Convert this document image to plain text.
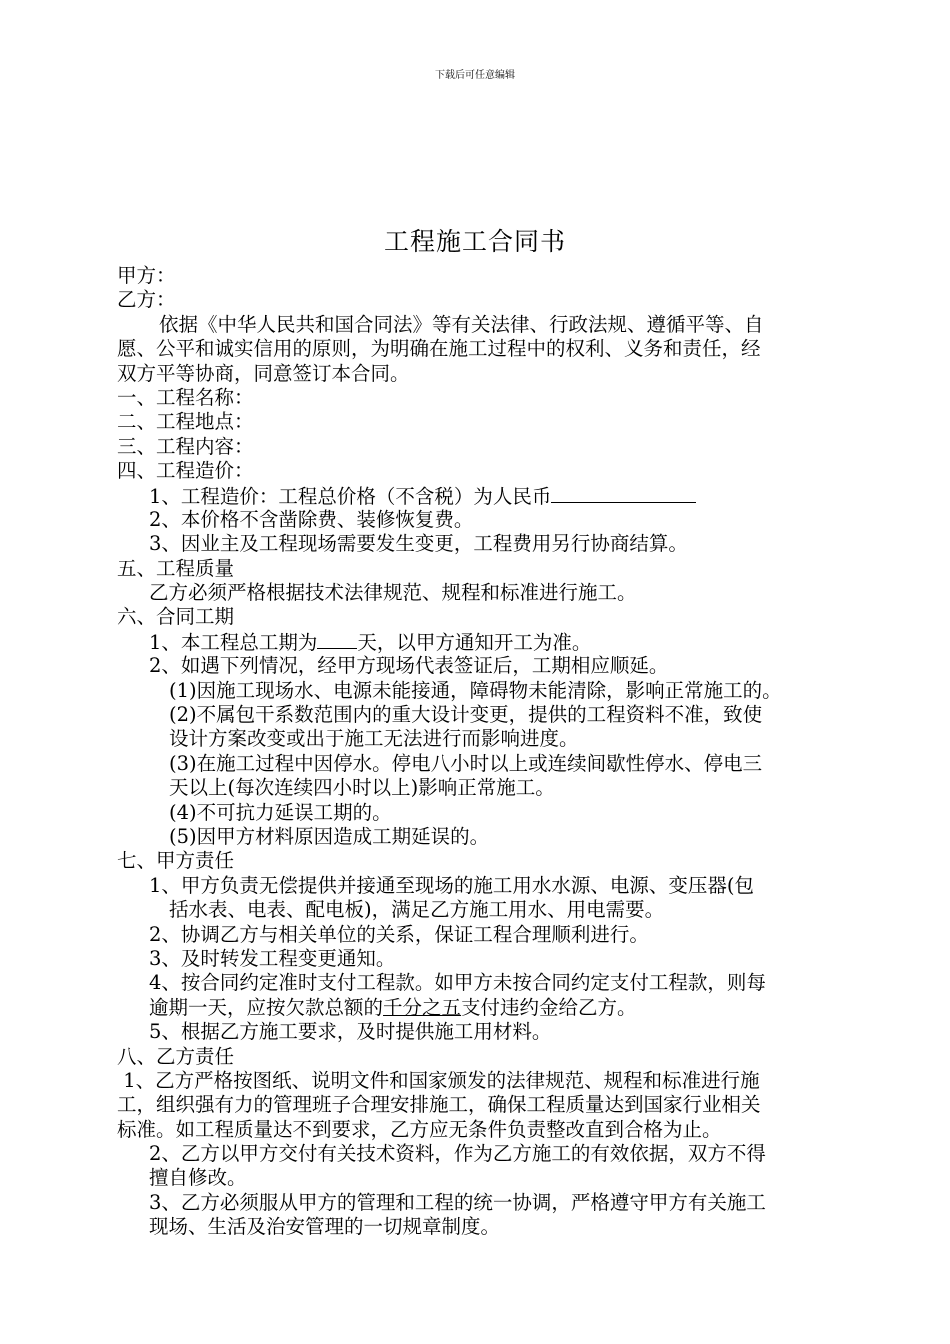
下载后可任意编辑
工程施工合同书
甲方：
乙方：
依据《中华人民共和国合同法》等有关法律、行政法规、遵循平等、自
愿、公平和诚实信用的原则，为明确在施工过程中的权利、义务和责任，经
双方平等协商，同意签订本合同。
一、工程名称：
二、工程地点：
三、工程内容：
四、工程造价：
1、工程造价：工程总价格（不含税）为人民币
2、本价格不含凿除费、装修恢复费。
3、因业主及工程现场需要发生变更，工程费用另行协商结算。
五、工程质量
乙方必须严格根据技术法律规范、规程和标准进行施工。
六、合同工期
1、本工程总工期为 天，以甲方通知开工为准。
2、如遇下列情况，经甲方现场代表签证后，工期相应顺延。
(1)因施工现场水、电源未能接通，障碍物未能清除，影响正常施工的。
(2)不属包干系数范围内的重大设计变更，提供的工程资料不准，致使
设计方案改变或出于施工无法进行而影响进度。
(3)在施工过程中因停水。停电八小时以上或连续间歇性停水、停电三
天以上(每次连续四小时以上)影响正常施工。
(4)不可抗力延误工期的。
(5)因甲方材料原因造成工期延误的。
七、甲方责任
1、甲方负责无偿提供并接通至现场的施工用水水源、电源、变压器(包
括水表、电表、配电板)，满足乙方施工用水、用电需要。
2、协调乙方与相关单位的关系，保证工程合理顺利进行。
3、及时转发工程变更通知。
4、按合同约定准时支付工程款。如甲方未按合同约定支付工程款，则每
逾期一天，应按欠款总额的千分之五支付违约金给乙方。
5、根据乙方施工要求，及时提供施工用材料。
八、乙方责任
1、乙方严格按图纸、说明文件和国家颁发的法律规范、规程和标准进行施
工，组织强有力的管理班子合理安排施工，确保工程质量达到国家行业相关
标准。如工程质量达不到要求，乙方应无条件负责整改直到合格为止。
2、乙方以甲方交付有关技术资料，作为乙方施工的有效依据，双方不得
擅自修改。
3、乙方必须服从甲方的管理和工程的统一协调，严格遵守甲方有关施工
现场、生活及治安管理的一切规章制度。
